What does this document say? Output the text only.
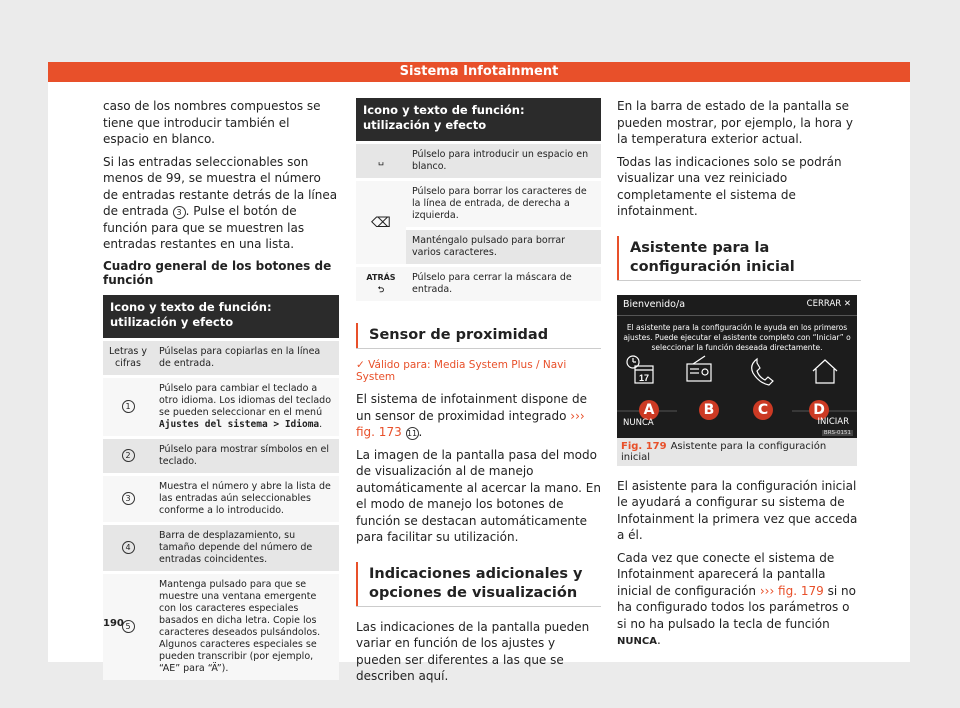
Sistema Infotainment

caso de los nombres compuestos se tiene que introducir también el espacio en blanco.

Si las entradas seleccionables son menos de 99, se muestra el número de entradas restante detrás de la línea de entrada 3 . Pulse el botón de función para que se muestren las entradas restantes en una lista.

Cuadro general de los botones de función
Icono y texto de función: utilización y efecto	

Letras y cifras	Púlselas para copiarlas en la línea de entrada.

1	Púlselo para cambiar el teclado a otro idioma. Los idiomas del teclado se pueden seleccionar en el menú Ajustes del sistema > Idioma.

2	Púlselo para mostrar símbolos en el teclado.

3	Muestra el número y abre la lista de las entradas aún seleccionables conforme a lo introducido.

4	Barra de desplazamiento, su tamaño depende del número de entradas coincidentes.

5	Mantenga pulsado para que se muestre una ventana emergente con los caracteres especiales basados en dicha letra. Copie los caracteres deseados pulsándolos. Algunos caracteres especiales se pueden transcribir (por ejemplo, “AE” para “Ä”).
Icono y texto de función: utilización y efecto	

␣	Púlselo para introducir un espacio en blanco.

⌫	Púlselo para borrar los caracteres de la línea de entrada, de derecha a izquierda.

	Manténgalo pulsado para borrar varios caracteres.

ATRÁS ⮌	Púlselo para cerrar la máscara de entrada.
Sensor de proximidad
✓ Válido para: Media System Plus / Navi System

El sistema de infotainment dispone de un sensor de proximidad integrado ››› fig. 173 11.

La imagen de la pantalla pasa del modo de visualización al de manejo automáticamente al acercar la mano. En el modo de manejo los botones de función se destacan automáticamente para facilitar su utilización.

Indicaciones adicionales y opciones de visualización

Las indicaciones de la pantalla pueden variar en función de los ajustes y pueden ser diferentes a las que se describen aquí.

En la barra de estado de la pantalla se pueden mostrar, por ejemplo, la hora y la temperatura exterior actual.

Todas las indicaciones solo se podrán visualizar una vez reiniciado completamente el sistema de infotainment.

Asistente para la configuración inicial
Bienvenido/a	CERRAR ✕
El asistente para la configuración le ayuda en los primeros ajustes. Puede ejecutar el asistente completo con “Iniciar” o seleccionar la función deseada directamente.
17
A	B	C	D
NUNCA	INICIAR
BRS-0151
Fig. 179 Asistente para la configuración inicial

El asistente para la configuración inicial le ayudará a configurar su sistema de Infotainment la primera vez que acceda a él.

Cada vez que conecte el sistema de Infotainment aparecerá la pantalla inicial de configuración ››› fig. 179 si no ha configurado todos los parámetros o si no ha pulsado la tecla de función NUNCA.

190
